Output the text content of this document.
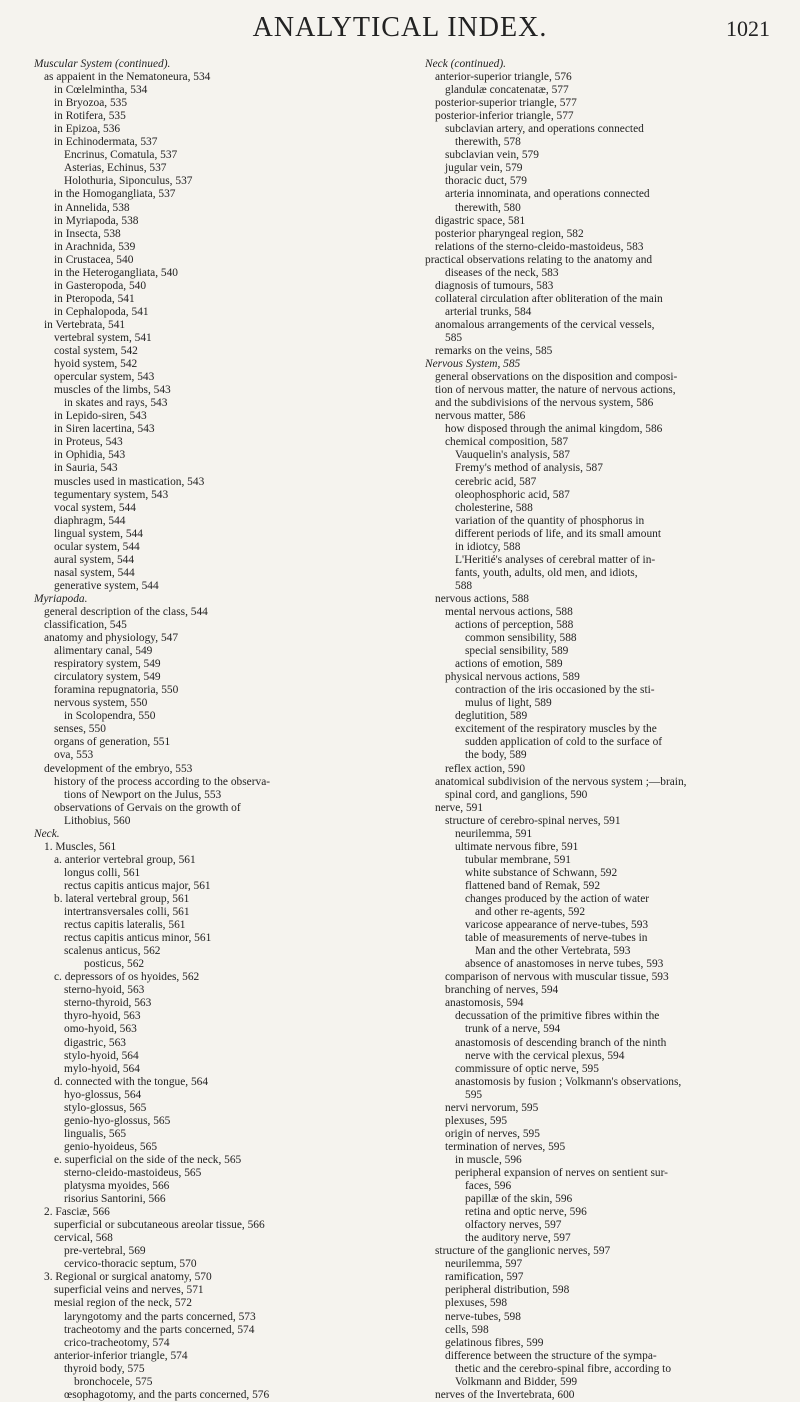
ANALYTICAL INDEX.	1021
Muscular System (continued).
as appaient in the Nematoneura, 534
in Cœlelmintha, 534
in Bryozoa, 535
in Rotifera, 535
in Epizoa, 536
in Echinodermata, 537
Encrinus, Comatula, 537
Asterias, Echinus, 537
Holothuria, Siponculus, 537
in the Homogangliata, 537
in Annelida, 538
in Myriapoda, 538
in Insecta, 538
in Arachnida, 539
in Crustacea, 540
in the Heterogangliata, 540
in Gasteropoda, 540
in Pteropoda, 541
in Cephalopoda, 541
in Vertebrata, 541
vertebral system, 541
costal system, 542
hyoid system, 542
opercular system, 543
muscles of the limbs, 543
in skates and rays, 543
in Lepido-siren, 543
in Siren lacertina, 543
in Proteus, 543
in Ophidia, 543
in Sauria, 543
muscles used in mastication, 543
tegumentary system, 543
vocal system, 544
diaphragm, 544
lingual system, 544
ocular system, 544
aural system, 544
nasal system, 544
generative system, 544
Myriapoda.
general description of the class, 544
classification, 545
anatomy and physiology, 547
alimentary canal, 549
respiratory system, 549
circulatory system, 549
foramina repugnatoria, 550
nervous system, 550
in Scolopendra, 550
senses, 550
organs of generation, 551
ova, 553
development of the embryo, 553
history of the process according to the observa-
tions of Newport on the Julus, 553
observations of Gervais on the growth of
Lithobius, 560
Neck.
1. Muscles, 561
a. anterior vertebral group, 561
longus colli, 561
rectus capitis anticus major, 561
b. lateral vertebral group, 561
intertransversales colli, 561
rectus capitis lateralis, 561
rectus capitis anticus minor, 561
scalenus anticus, 562
posticus, 562
c. depressors of os hyoides, 562
sterno-hyoid, 563
sterno-thyroid, 563
thyro-hyoid, 563
omo-hyoid, 563
digastric, 563
stylo-hyoid, 564
mylo-hyoid, 564
d. connected with the tongue, 564
hyo-glossus, 564
stylo-glossus, 565
genio-hyo-glossus, 565
lingualis, 565
genio-hyoideus, 565
e. superficial on the side of the neck, 565
sterno-cleido-mastoideus, 565
platysma myoides, 566
risorius Santorini, 566
2. Fasciæ, 566
superficial or subcutaneous areolar tissue, 566
cervical, 568
pre-vertebral, 569
cervico-thoracic septum, 570
3. Regional or surgical anatomy, 570
superficial veins and nerves, 571
mesial region of the neck, 572
laryngotomy and the parts concerned, 573
tracheotomy and the parts concerned, 574
crico-tracheotomy, 574
anterior-inferior triangle, 574
thyroid body, 575
bronchocele, 575
œsophagotomy, and the parts concerned, 576
Neck (continued).
anterior-superior triangle, 576
glandulæ concatenatæ, 577
posterior-superior triangle, 577
posterior-inferior triangle, 577
subclavian artery, and operations connected
therewith, 578
subclavian vein, 579
jugular vein, 579
thoracic duct, 579
arteria innominata, and operations connected
therewith, 580
digastric space, 581
posterior pharyngeal region, 582
relations of the sterno-cleido-mastoideus, 583
practical observations relating to the anatomy and
diseases of the neck, 583
diagnosis of tumours, 583
collateral circulation after obliteration of the main
arterial trunks, 584
anomalous arrangements of the cervical vessels,
585
remarks on the veins, 585
Nervous System, 585
general observations on the disposition and composi-
tion of nervous matter, the nature of nervous actions,
and the subdivisions of the nervous system, 586
nervous matter, 586
how disposed through the animal kingdom, 586
chemical composition, 587
Vauquelin's analysis, 587
Fremy's method of analysis, 587
cerebric acid, 587
oleophosphoric acid, 587
cholesterine, 588
variation of the quantity of phosphorus in
different periods of life, and its small amount
in idiotcy, 588
L'Heritié's analyses of cerebral matter of in-
fants, youth, adults, old men, and idiots,
588
nervous actions, 588
mental nervous actions, 588
actions of perception, 588
common sensibility, 588
special sensibility, 589
actions of emotion, 589
physical nervous actions, 589
contraction of the iris occasioned by the sti-
mulus of light, 589
deglutition, 589
excitement of the respiratory muscles by the
sudden application of cold to the surface of
the body, 589
reflex action, 590
anatomical subdivision of the nervous system ;—brain,
spinal cord, and ganglions, 590
nerve, 591
structure of cerebro-spinal nerves, 591
neurilemma, 591
ultimate nervous fibre, 591
tubular membrane, 591
white substance of Schwann, 592
flattened band of Remak, 592
changes produced by the action of water
and other re-agents, 592
varicose appearance of nerve-tubes, 593
table of measurements of nerve-tubes in
Man and the other Vertebrata, 593
absence of anastomoses in nerve tubes, 593
comparison of nervous with muscular tissue, 593
branching of nerves, 594
anastomosis, 594
decussation of the primitive fibres within the
trunk of a nerve, 594
anastomosis of descending branch of the ninth
nerve with the cervical plexus, 594
commissure of optic nerve, 595
anastomosis by fusion ; Volkmann's observations,
595
nervi nervorum, 595
plexuses, 595
origin of nerves, 595
termination of nerves, 595
in muscle, 596
peripheral expansion of nerves on sentient sur-
faces, 596
papillæ of the skin, 596
retina and optic nerve, 596
olfactory nerves, 597
the auditory nerve, 597
structure of the ganglionic nerves, 597
neurilemma, 597
ramification, 597
peripheral distribution, 598
plexuses, 598
nerve-tubes, 598
cells, 598
gelatinous fibres, 599
difference between the structure of the sympa-
thetic and the cerebro-spinal fibre, according to
Volkmann and Bidder, 599
nerves of the Invertebrata, 600
